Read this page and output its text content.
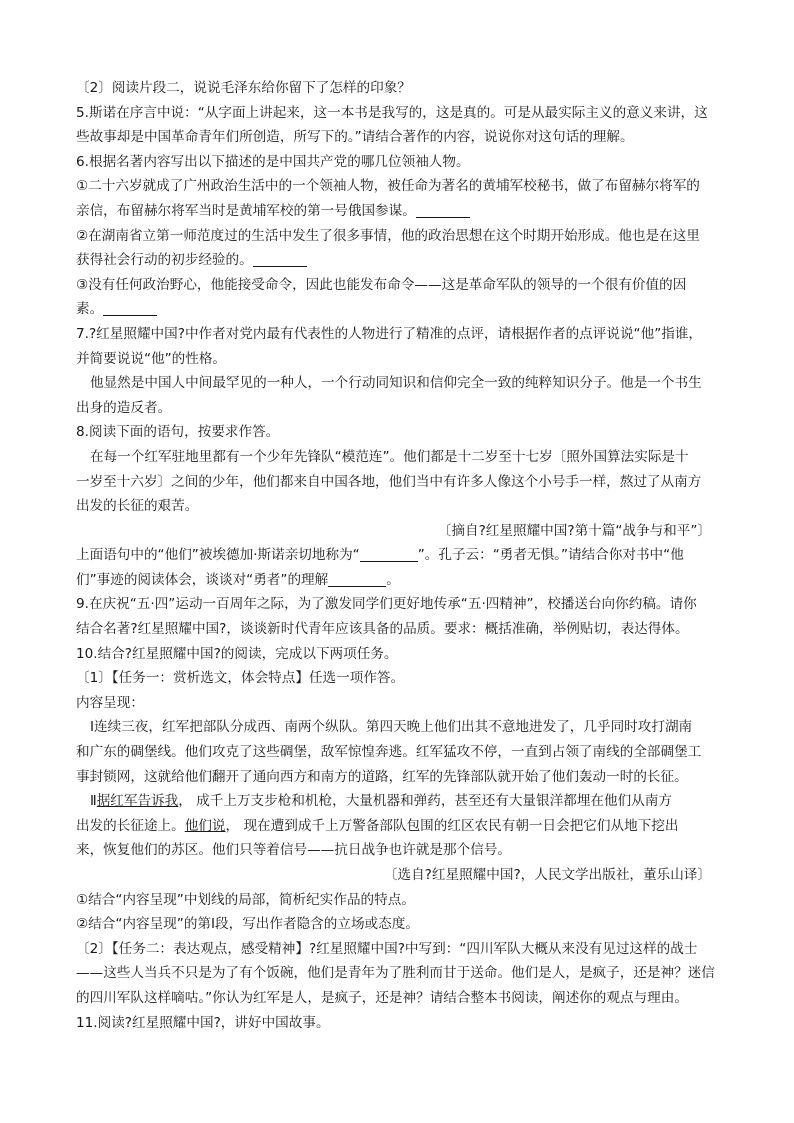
〔2〕阅读片段二，说说毛泽东给你留下了怎样的印象？
5.斯诺在序言中说：“从字面上讲起来，这一本书是我写的，这是真的。可是从最实际主义的意义来讲，这
些故事却是中国革命青年们所创造，所写下的。”请结合著作的内容，说说你对这句话的理解。
6.根据名著内容写出以下描述的是中国共产党的哪几位领袖人物。
①二十六岁就成了广州政治生活中的一个领袖人物，被任命为著名的黄埔军校秘书，做了布留赫尔将军的
亲信，布留赫尔将军当时是黄埔军校的第一号俄国参谋。
②在湖南省立第一师范度过的生活中发生了很多事情，他的政治思想在这个时期开始形成。他也是在这里
获得社会行动的初步经验的。
③没有任何政治野心，他能接受命令，因此也能发布命令——这是革命军队的领导的一个很有价值的因
素。
7.?红星照耀中国?中作者对党内最有代表性的人物进行了精准的点评，请根据作者的点评说说“他”指谁，
并简要说说“他”的性格。
他显然是中国人中间最罕见的一种人，一个行动同知识和信仰完全一致的纯粹知识分子。他是一个书生
出身的造反者。
8.阅读下面的语句，按要求作答。
在每一个红军驻地里都有一个少年先锋队“模范连”。他们都是十二岁至十七岁〔照外国算法实际是十
一岁至十六岁〕之间的少年，他们都来自中国各地，他们当中有许多人像这个小号手一样，熬过了从南方
出发的长征的艰苦。
〔摘自?红星照耀中国?第十篇“战争与和平”〕
上面语句中的“他们”被埃德加·斯诺亲切地称为“	”。孔子云：“勇者无惧。”请结合你对书中“他
们”事迹的阅读体会，谈谈对“勇者”的理解	。
9.在庆祝“五·四”运动一百周年之际，为了激发同学们更好地传承“五·四精神”，校播送台向你约稿。请你
结合名著?红星照耀中国?，谈谈新时代青年应该具备的品质。要求：概括准确，举例贴切，表达得体。
10.结合?红星照耀中国?的阅读，完成以下两项任务。
〔1〕【任务一：赏析选文，体会特点】任选一项作答。
内容呈现：
Ⅰ连续三夜，红军把部队分成西、南两个纵队。第四天晚上他们出其不意地进发了，几乎同时攻打湖南
和广东的碉堡线。他们攻克了这些碉堡，敌军惊惶奔逃。红军猛攻不停，一直到占领了南线的全部碉堡工
事封锁网，这就给他们翻开了通向西方和南方的道路，红军的先锋部队就开始了他们轰动一时的长征。
Ⅱ据红军告诉我， 成千上万支步枪和机枪，大量机器和弹药，甚至还有大量银洋都埋在他们从南方
出发的长征途上。他们说， 现在遭到成千上万警备部队包围的红区农民有朝一日会把它们从地下挖出
来，恢复他们的苏区。他们只等着信号——抗日战争也许就是那个信号。
〔选自?红星照耀中国?，人民文学出版社，董乐山译〕
①结合“内容呈现”中划线的局部，简析纪实作品的特点。
②结合“内容呈现”的第Ⅰ段，写出作者隐含的立场或态度。
〔2〕【任务二：表达观点，感受精神】?红星照耀中国?中写到：“四川军队大概从来没有见过这样的战士
——这些人当兵不只是为了有个饭碗，他们是青年为了胜利而甘于送命。他们是人，是疯子，还是神？迷信
的四川军队这样嘀咕。”你认为红军是人，是疯子，还是神？请结合整本书阅读，阐述你的观点与理由。
11.阅读?红星照耀中国?，讲好中国故事。
